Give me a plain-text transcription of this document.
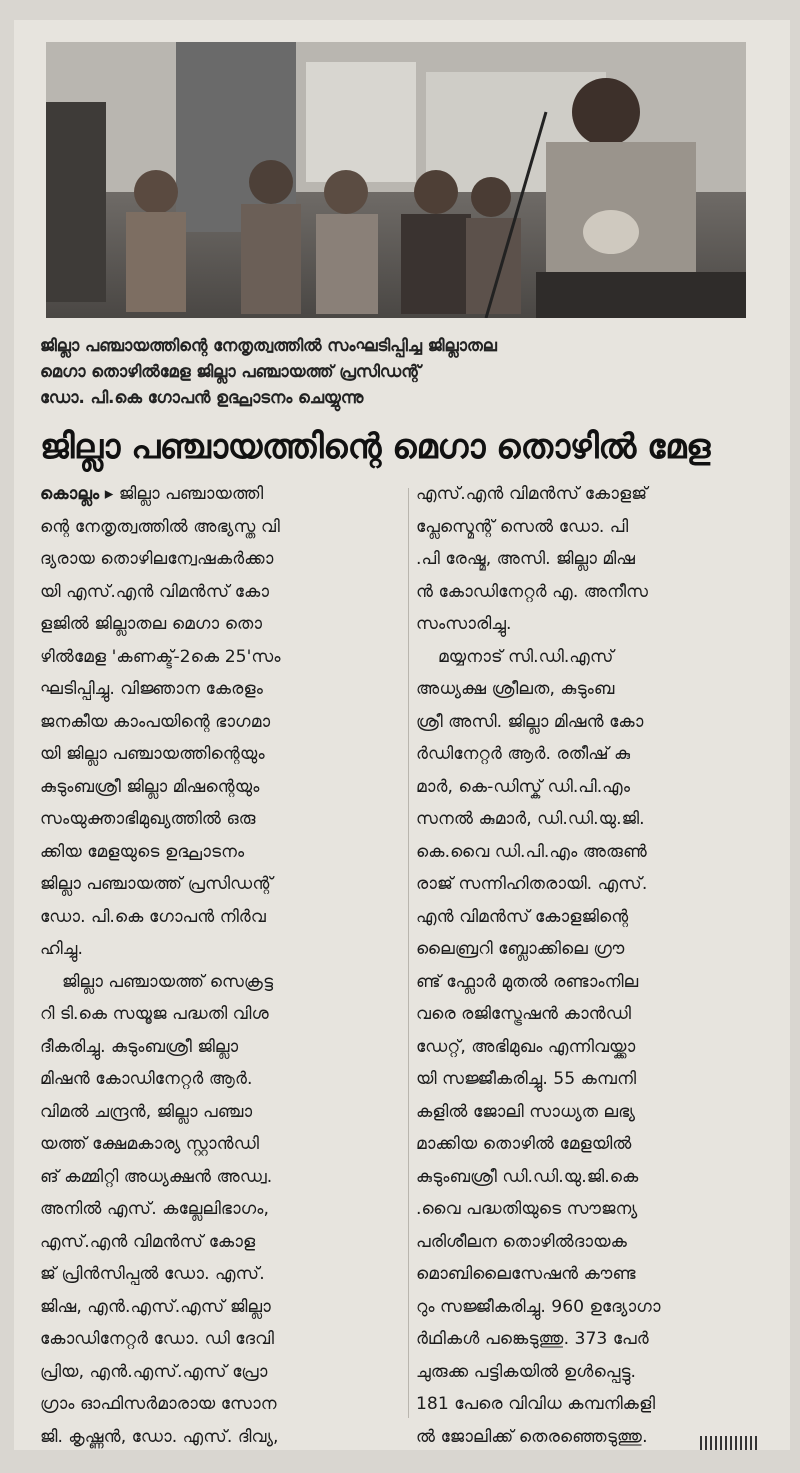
ജില്ലാ പഞ്ചായത്തിന്റെ നേതൃത്വത്തിൽ സംഘടിപ്പിച്ച ജില്ലാതല
മെഗാ തൊഴിൽമേള ജില്ലാ പഞ്ചായത്ത് പ്രസിഡന്റ്
ഡോ. പി.കെ ഗോപൻ ഉദ്ഘാടനം ചെയ്യുന്നു
ജില്ലാ പഞ്ചായത്തിന്റെ മെഗാ തൊഴിൽ മേള
കൊല്ലം ▸ ജില്ലാ പഞ്ചായത്തി
ന്റെ നേതൃത്വത്തിൽ അഭ്യസ്ത വി
ദ്യരായ തൊഴിലന്വേഷകർക്കാ
യി എസ്.എൻ വിമൻസ് കോ
ളജിൽ ജില്ലാതല മെഗാ തൊ
ഴിൽമേള 'കണക്ട്-2കെ 25'സം
ഘടിപ്പിച്ചു. വിജ്ഞാന കേരളം
ജനകീയ കാംപയിന്റെ ഭാഗമാ
യി ജില്ലാ പഞ്ചായത്തിന്റെയും
കുടുംബശ്രീ ജില്ലാ മിഷന്റെയും
സംയുക്താഭിമുഖ്യത്തിൽ ഒരു
ക്കിയ മേളയുടെ ഉദ്ഘാടനം
ജില്ലാ പഞ്ചായത്ത് പ്രസിഡന്റ്
ഡോ. പി.കെ ഗോപൻ നിർവ
ഹിച്ചു.
ജില്ലാ പഞ്ചായത്ത് സെക്രട്ട
റി ടി.കെ സയൂജ പദ്ധതി വിശ
ദീകരിച്ചു. കുടുംബശ്രീ ജില്ലാ
മിഷൻ കോഡിനേറ്റർ ആർ.
വിമൽ ചന്ദ്രൻ, ജില്ലാ പഞ്ചാ
യത്ത് ക്ഷേമകാര്യ സ്റ്റാൻഡി
ങ് കമ്മിറ്റി അധ്യക്ഷൻ അഡ്വ.
അനിൽ എസ്. കല്ലേലിഭാഗം,
എസ്.എൻ വിമൻസ് കോള
ജ് പ്രിൻസിപ്പൽ ഡോ. എസ്.
ജിഷ, എൻ.എസ്.എസ് ജില്ലാ
കോഡിനേറ്റർ ഡോ. ഡി ദേവി
പ്രിയ, എൻ.എസ്.എസ് പ്രോ
ഗ്രാം ഓഫിസർമാരായ സോന
ജി. കൃഷ്ണൻ, ഡോ. എസ്. ദിവ്യ,
എസ്.എൻ വിമൻസ് കോളജ്
പ്ലേസ്മെന്റ് സെൽ ഡോ. പി
.പി രേഷ്മ, അസി. ജില്ലാ മിഷ
ൻ കോഡിനേറ്റർ എ. അനീസ
സംസാരിച്ചു.
മയ്യനാട് സി.ഡി.എസ്
അധ്യക്ഷ ശ്രീലത, കുടുംബ
ശ്രീ അസി. ജില്ലാ മിഷൻ കോ
ർഡിനേറ്റർ ആർ. രതീഷ് കു
മാർ, കെ-ഡിസ്ക് ഡി.പി.എം
സനൽ കുമാർ, ഡി.ഡി.യു.ജി.
കെ.വൈ ഡി.പി.എം അരുൺ
രാജ് സന്നിഹിതരായി. എസ്.
എൻ വിമൻസ് കോളജിന്റെ
ലൈബ്രറി ബ്ലോക്കിലെ ഗ്രൗ
ണ്ട് ഫ്ലോർ മുതൽ രണ്ടാംനില
വരെ രജിസ്ട്രേഷൻ കാൻഡി
ഡേറ്റ്, അഭിമുഖം എന്നിവയ്ക്കാ
യി സജ്ജീകരിച്ചു. 55 കമ്പനി
കളിൽ ജോലി സാധ്യത ലഭ്യ
മാക്കിയ തൊഴിൽ മേളയിൽ
കുടുംബശ്രീ ഡി.ഡി.യു.ജി.കെ
.വൈ പദ്ധതിയുടെ സൗജന്യ
പരിശീലന തൊഴിൽദായക
മൊബിലൈസേഷൻ കൗണ്ട
റും സജ്ജീകരിച്ചു. 960 ഉദ്യോഗാ
ർഥികൾ പങ്കെടുത്തു. 373 പേർ
ചുരുക്ക പട്ടികയിൽ ഉൾപ്പെട്ടു.
181 പേരെ വിവിധ കമ്പനികളി
ൽ ജോലിക്ക് തെരഞ്ഞെടുത്തു.
